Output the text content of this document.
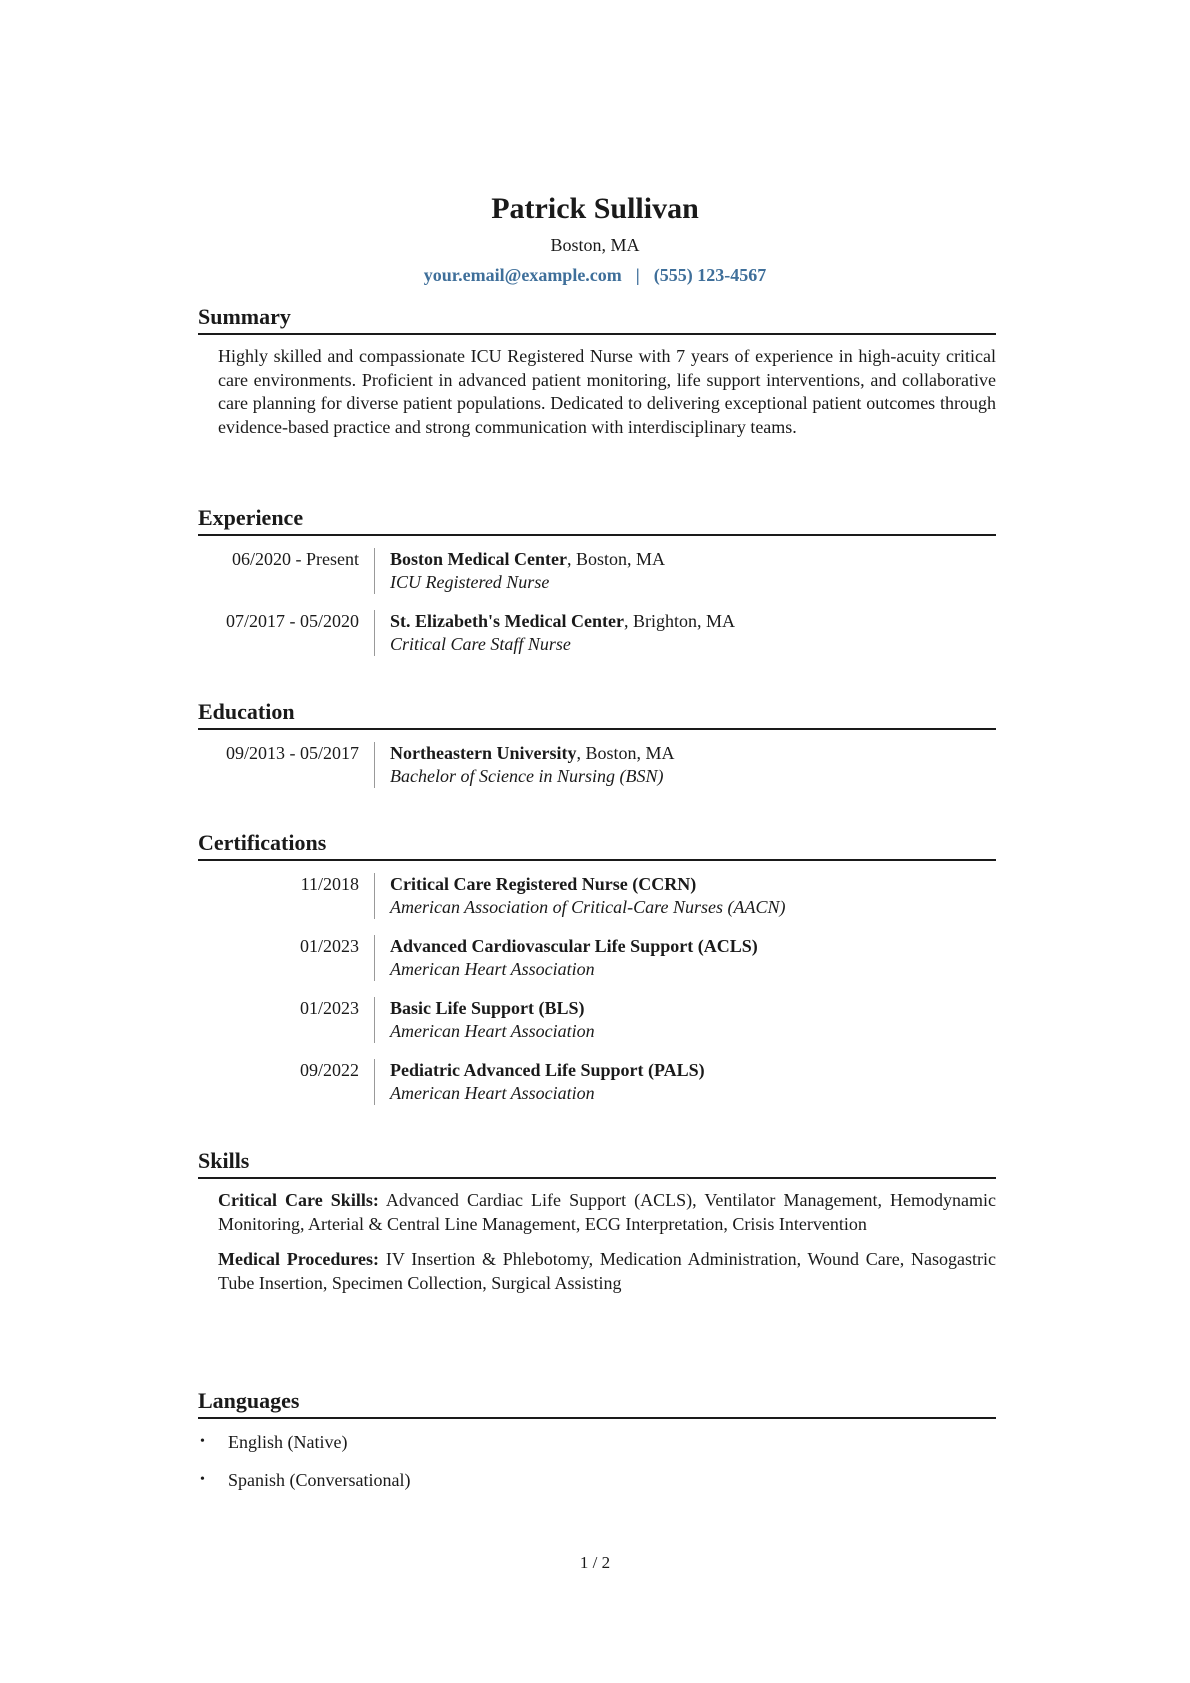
Patrick Sullivan
Boston, MA
your.email@example.com | (555) 123-4567
Summary

Highly skilled and compassionate ICU Registered Nurse with 7 years of experience in high-acuity critical care environments. Proficient in advanced patient monitoring, life support interventions, and collaborative care planning for diverse patient populations. Dedicated to delivering exceptional patient outcomes through evidence-based practice and strong communication with interdisciplinary teams.

Experience
06/2020 - Present	Boston Medical Center, Boston, MA
ICU Registered Nurse
07/2017 - 05/2020	St. Elizabeth's Medical Center, Brighton, MA
Critical Care Staff Nurse
Education
09/2013 - 05/2017	Northeastern University, Boston, MA
Bachelor of Science in Nursing (BSN)
Certifications
11/2018	Critical Care Registered Nurse (CCRN)
American Association of Critical-Care Nurses (AACN)
01/2023	Advanced Cardiovascular Life Support (ACLS)
American Heart Association
01/2023	Basic Life Support (BLS)
American Heart Association
09/2022	Pediatric Advanced Life Support (PALS)
American Heart Association
Skills

Critical Care Skills: Advanced Cardiac Life Support (ACLS), Ventilator Management, Hemodynamic Monitoring, Arterial & Central Line Management, ECG Interpretation, Crisis Intervention

Medical Procedures: IV Insertion & Phlebotomy, Medication Administration, Wound Care, Nasogastric Tube Insertion, Specimen Collection, Surgical Assisting

Languages
•	English (Native)
•	Spanish (Conversational)
1 / 2
